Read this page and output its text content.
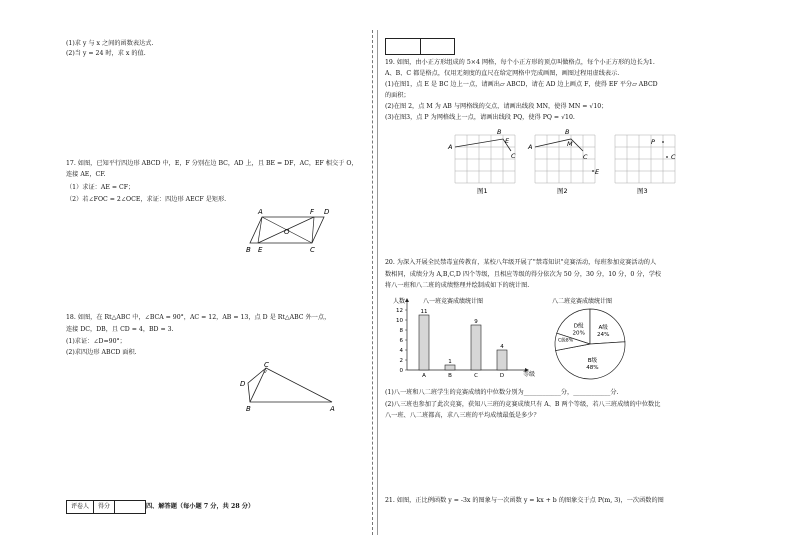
(1)求 y 与 x 之间的函数表达式.
(2)当 y = 24 时，求 x 的值.
17. 如图，已知平行四边形 ABCD 中，E，F 分别在边 BC，AD 上，且 BE = DF，AC，EF 相交于 O，
连接 AE，CF.
（1）求证：AE = CF；
（2）若∠FOC = 2∠OCE，求证：四边形 AECF 是矩形.
A	F D
O
B E	C
18. 如图，在 Rt△ABC 中，∠BCA = 90°，AC = 12，AB = 13，点 D 是 Rt△ABC 外一点，
连接 DC，DB，且 CD = 4，BD = 3.
(1)求证：∠D=90°；
(2)求四边形 ABCD 面积.
C
D
B	A
评卷人	得分	四、解答题（每小题 7 分，共 28 分）
19. 如图，由小正方形组成的 5×4 网格，每个小正方形的顶点叫做格点，每个小正方形的边长为1.
A、B、C 都是格点，仅用无刻度的直尺在给定网格中完成画图，画图过程用虚线表示.
(1)在图1，点 E 是 BC 边上一点，请画出▱ ABCD，请在 AD 边上画点 F，使得 EF 平分▱ ABCD
的面积；
(2)在图 2，点 M 为 AB 与网格线的交点，请画出线段 MN，使得 MN = √10；
(3)在图3，点 P 为网格线上一点，请画出线段 PQ，使得 PQ = √10.
A
B
E
C
图1
A
B
M
C
E
图2
P
C
图3
20. 为深入开展全民禁毒宣传教育，某校八年级开展了"禁毒知识"竞赛活动，每班参加竞赛活动的人
数相同，成绩分为 A,B,C,D 四个等级，且相应等级的得分依次为 50 分，30 分，10 分，0 分，学校
将八一班和八二班的成绩整理并绘制成如下的统计图.
八一班竞赛成绩统计图
人数
等级
0
2
4
6
8
10
12	11
A
1
B
9
C
4
D
八二班竞赛成绩统计图
D级
20%
A级
24%
B级
48%
C级8%
(1)八一班和八二班学生的竞赛成绩的中位数分别为____________分，____________分.
(2)八三班也参加了此次竞赛，获知八三班的竞赛成绩只有 A、B 两个等级，若八三班成绩的中位数比
八一班、八二班都高，求八三班的平均成绩最低是多少？
21. 如图，正比例函数 y = -3x 的图象与一次函数 y = kx + b 的图象交于点 P(m, 3)，一次函数的图
